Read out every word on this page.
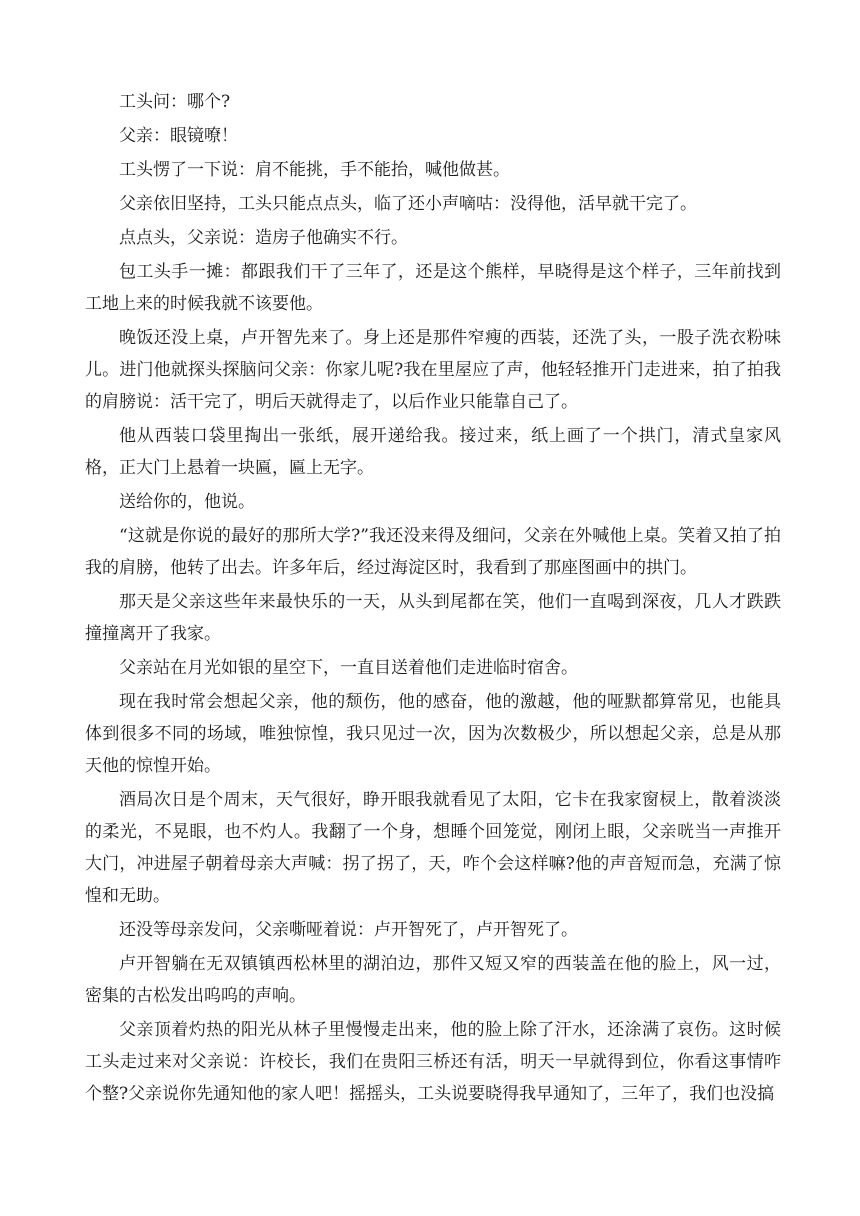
工头问：哪个?

父亲：眼镜嘹！

工头愣了一下说：肩不能挑，手不能抬，喊他做甚。

父亲依旧坚持，工头只能点点头，临了还小声嘀咕：没得他，活早就干完了。

点点头，父亲说：造房子他确实不行。

包工头手一摊：都跟我们干了三年了，还是这个熊样，早晓得是这个样子，三年前找到工地上来的时候我就不该要他。

晚饭还没上桌，卢开智先来了。身上还是那件窄瘦的西装，还洗了头，一股子洗衣粉味儿。进门他就探头探脑问父亲：你家儿呢?我在里屋应了声，他轻轻推开门走进来，拍了拍我的肩膀说：活干完了，明后天就得走了，以后作业只能靠自己了。

他从西装口袋里掏出一张纸，展开递给我。接过来，纸上画了一个拱门，清式皇家风格，正大门上悬着一块匾，匾上无字。

送给你的，他说。

“这就是你说的最好的那所大学?”我还没来得及细问，父亲在外喊他上桌。笑着又拍了拍我的肩膀，他转了出去。许多年后，经过海淀区时，我看到了那座图画中的拱门。

那天是父亲这些年来最快乐的一天，从头到尾都在笑，他们一直喝到深夜，几人才跌跌撞撞离开了我家。

父亲站在月光如银的星空下，一直目送着他们走进临时宿舍。

现在我时常会想起父亲，他的颓伤，他的感奋，他的激越，他的哑默都算常见，也能具体到很多不同的场域，唯独惊惶，我只见过一次，因为次数极少，所以想起父亲，总是从那天他的惊惶开始。

酒局次日是个周末，天气很好，睁开眼我就看见了太阳，它卡在我家窗棂上，散着淡淡的柔光，不晃眼，也不灼人。我翻了一个身，想睡个回笼觉，刚闭上眼，父亲咣当一声推开大门，冲进屋子朝着母亲大声喊：拐了拐了，天，咋个会这样嘛?他的声音短而急，充满了惊惶和无助。

还没等母亲发问，父亲嘶哑着说：卢开智死了，卢开智死了。

卢开智躺在无双镇镇西松林里的湖泊边，那件又短又窄的西装盖在他的脸上，风一过，密集的古松发出呜呜的声响。

父亲顶着灼热的阳光从林子里慢慢走出来，他的脸上除了汗水，还涂满了哀伤。这时候工头走过来对父亲说：许校长，我们在贵阳三桥还有活，明天一早就得到位，你看这事情咋个整?父亲说你先通知他的家人吧！摇摇头，工头说要晓得我早通知了，三年了，我们也没搞
